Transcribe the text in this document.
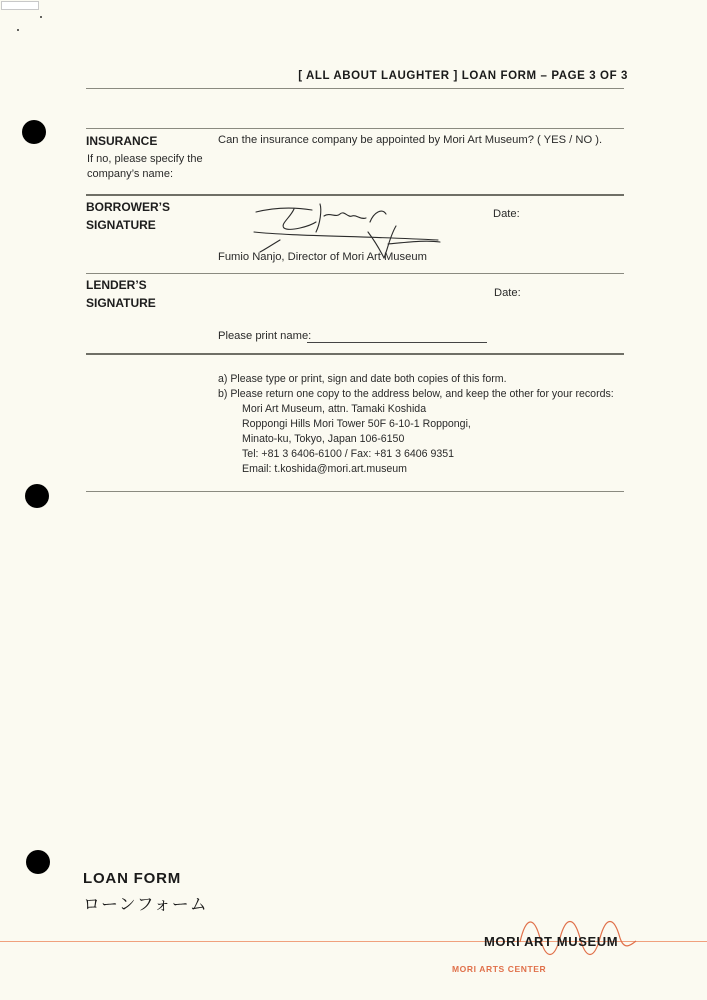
[ ALL ABOUT LAUGHTER ] LOAN FORM – PAGE 3 OF 3
INSURANCE	Can the insurance company be appointed by Mori Art Museum? ( YES / NO ).
If no, please specify the
company’s name:
BORROWER’S
SIGNATURE
Date:
Fumio Nanjo, Director of Mori Art Museum
LENDER’S
SIGNATURE
Date:
Please print name:
a) Please type or print, sign and date both copies of this form.
b) Please return one copy to the address below, and keep the other for your records:
Mori Art Museum, attn. Tamaki Koshida
Roppongi Hills Mori Tower 50F 6-10-1 Roppongi,
Minato-ku, Tokyo, Japan 106-6150
Tel: +81 3 6406-6100 / Fax: +81 3 6406 9351
Email: t.koshida@mori.art.museum
LOAN FORM
ローンフォーム
MORI ART MUSEUM
MORI ARTS CENTER
